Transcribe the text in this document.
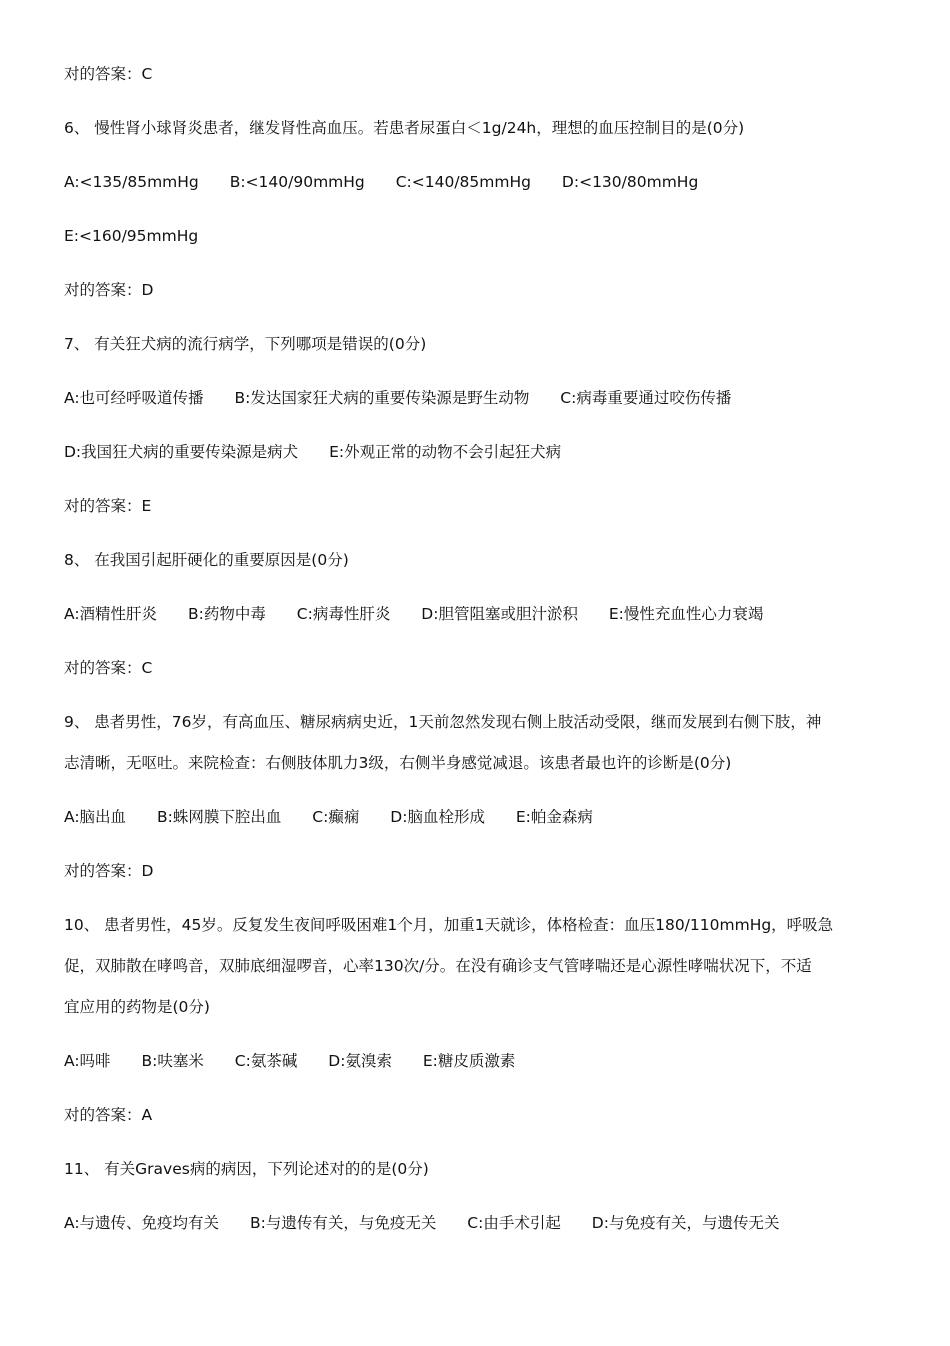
对的答案：C
6、 慢性肾小球肾炎患者，继发肾性高血压。若患者尿蛋白＜1g/24h，理想的血压控制目的是(0分)
A:<135/85mmHg B:<140/90mmHg C:<140/85mmHg D:<130/80mmHg
E:<160/95mmHg
对的答案：D
7、 有关狂犬病的流行病学，下列哪项是错误的(0分)
A:也可经呼吸道传播 B:发达国家狂犬病的重要传染源是野生动物 C:病毒重要通过咬伤传播
D:我国狂犬病的重要传染源是病犬 E:外观正常的动物不会引起狂犬病
对的答案：E
8、 在我国引起肝硬化的重要原因是(0分)
A:酒精性肝炎 B:药物中毒 C:病毒性肝炎 D:胆管阻塞或胆汁淤积 E:慢性充血性心力衰竭
对的答案：C
9、 患者男性，76岁，有高血压、糖尿病病史近，1天前忽然发现右侧上肢活动受限，继而发展到右侧下肢，神
志清晰，无呕吐。来院检查：右侧肢体肌力3级，右侧半身感觉减退。该患者最也许的诊断是(0分)
A:脑出血 B:蛛网膜下腔出血 C:癫痫 D:脑血栓形成 E:帕金森病
对的答案：D
10、 患者男性，45岁。反复发生夜间呼吸困难1个月，加重1天就诊，体格检查：血压180/110mmHg，呼吸急
促，双肺散在哮鸣音，双肺底细湿啰音，心率130次/分。在没有确诊支气管哮喘还是心源性哮喘状况下，不适
宜应用的药物是(0分)
A:吗啡 B:呋塞米 C:氨茶碱 D:氨溴索 E:糖皮质激素
对的答案：A
11、 有关Graves病的病因，下列论述对的的是(0分)
A:与遗传、免疫均有关 B:与遗传有关，与免疫无关 C:由手术引起 D:与免疫有关，与遗传无关
